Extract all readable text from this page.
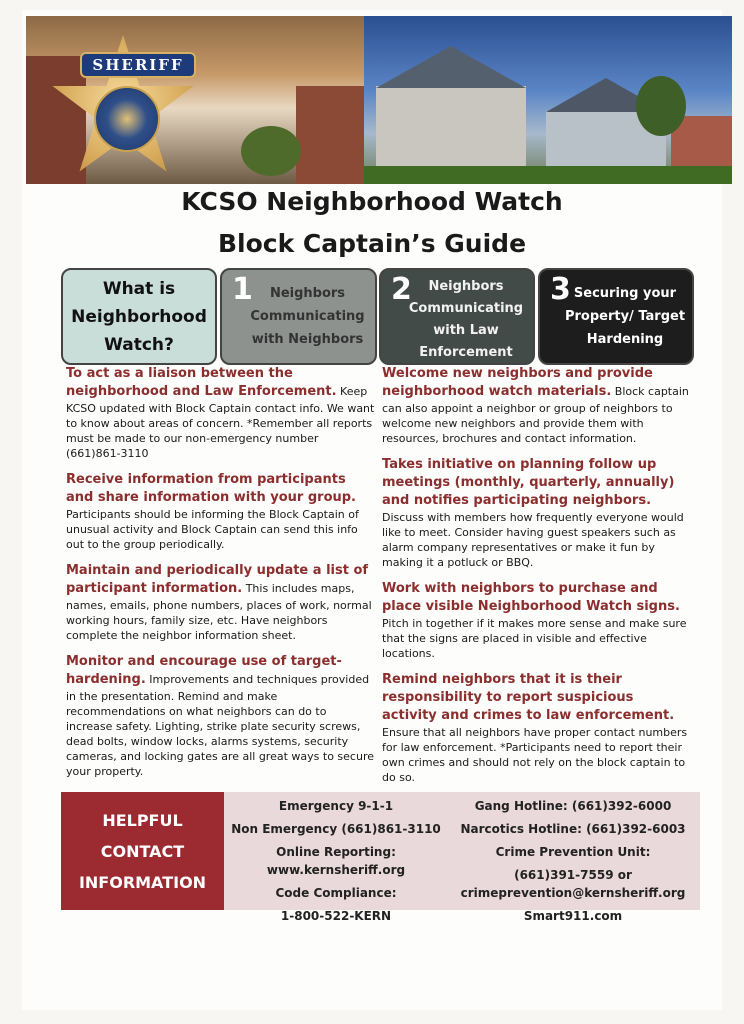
SHERIFF
KCSO Neighborhood Watch
Block Captain’s Guide
What is
Neighborhood
Watch?
1	Neighbors
Communicating
with Neighbors
2	Neighbors
Communicating
with Law
Enforcement
3 Securing your
Property/ Target
Hardening
To act as a liaison between the neighborhood and Law Enforcement. Keep KCSO updated with Block Captain contact info. We want to know about areas of concern. *Remember all reports must be made to our non-emergency number (661)861-3110
Receive information from participants and share information with your group. Participants should be informing the Block Captain of unusual activity and Block Captain can send this info out to the group periodically.
Maintain and periodically update a list of participant information. This includes maps, names, emails, phone numbers, places of work, normal working hours, family size, etc. Have neighbors complete the neighbor information sheet.
Monitor and encourage use of target-hardening. Improvements and techniques provided in the presentation. Remind and make recommendations on what neighbors can do to increase safety. Lighting, strike plate security screws, dead bolts, window locks, alarms systems, security cameras, and locking gates are all great ways to secure your property.
Welcome new neighbors and provide neighborhood watch materials. Block captain can also appoint a neighbor or group of neighbors to welcome new neighbors and provide them with resources, brochures and contact information.
Takes initiative on planning follow up meetings (monthly, quarterly, annually) and notifies participating neighbors. Discuss with members how frequently everyone would like to meet. Consider having guest speakers such as alarm company representatives or make it fun by making it a potluck or BBQ.
Work with neighbors to purchase and place visible Neighborhood Watch signs. Pitch in together if it makes more sense and make sure that the signs are placed in visible and effective locations.
Remind neighbors that it is their responsibility to report suspicious activity and crimes to law enforcement. Ensure that all neighbors have proper contact numbers for law enforcement. *Participants need to report their own crimes and should not rely on the block captain to do so.
HELPFUL
CONTACT
INFORMATION
Emergency 9-1-1
Non Emergency (661)861-3110
Online Reporting:
www.kernsheriff.org
Code Compliance:
1-800-522-KERN
Gang Hotline: (661)392-6000
Narcotics Hotline: (661)392-6003
Crime Prevention Unit:
(661)391-7559 or
crimeprevention@kernsheriff.org
Smart911.com
